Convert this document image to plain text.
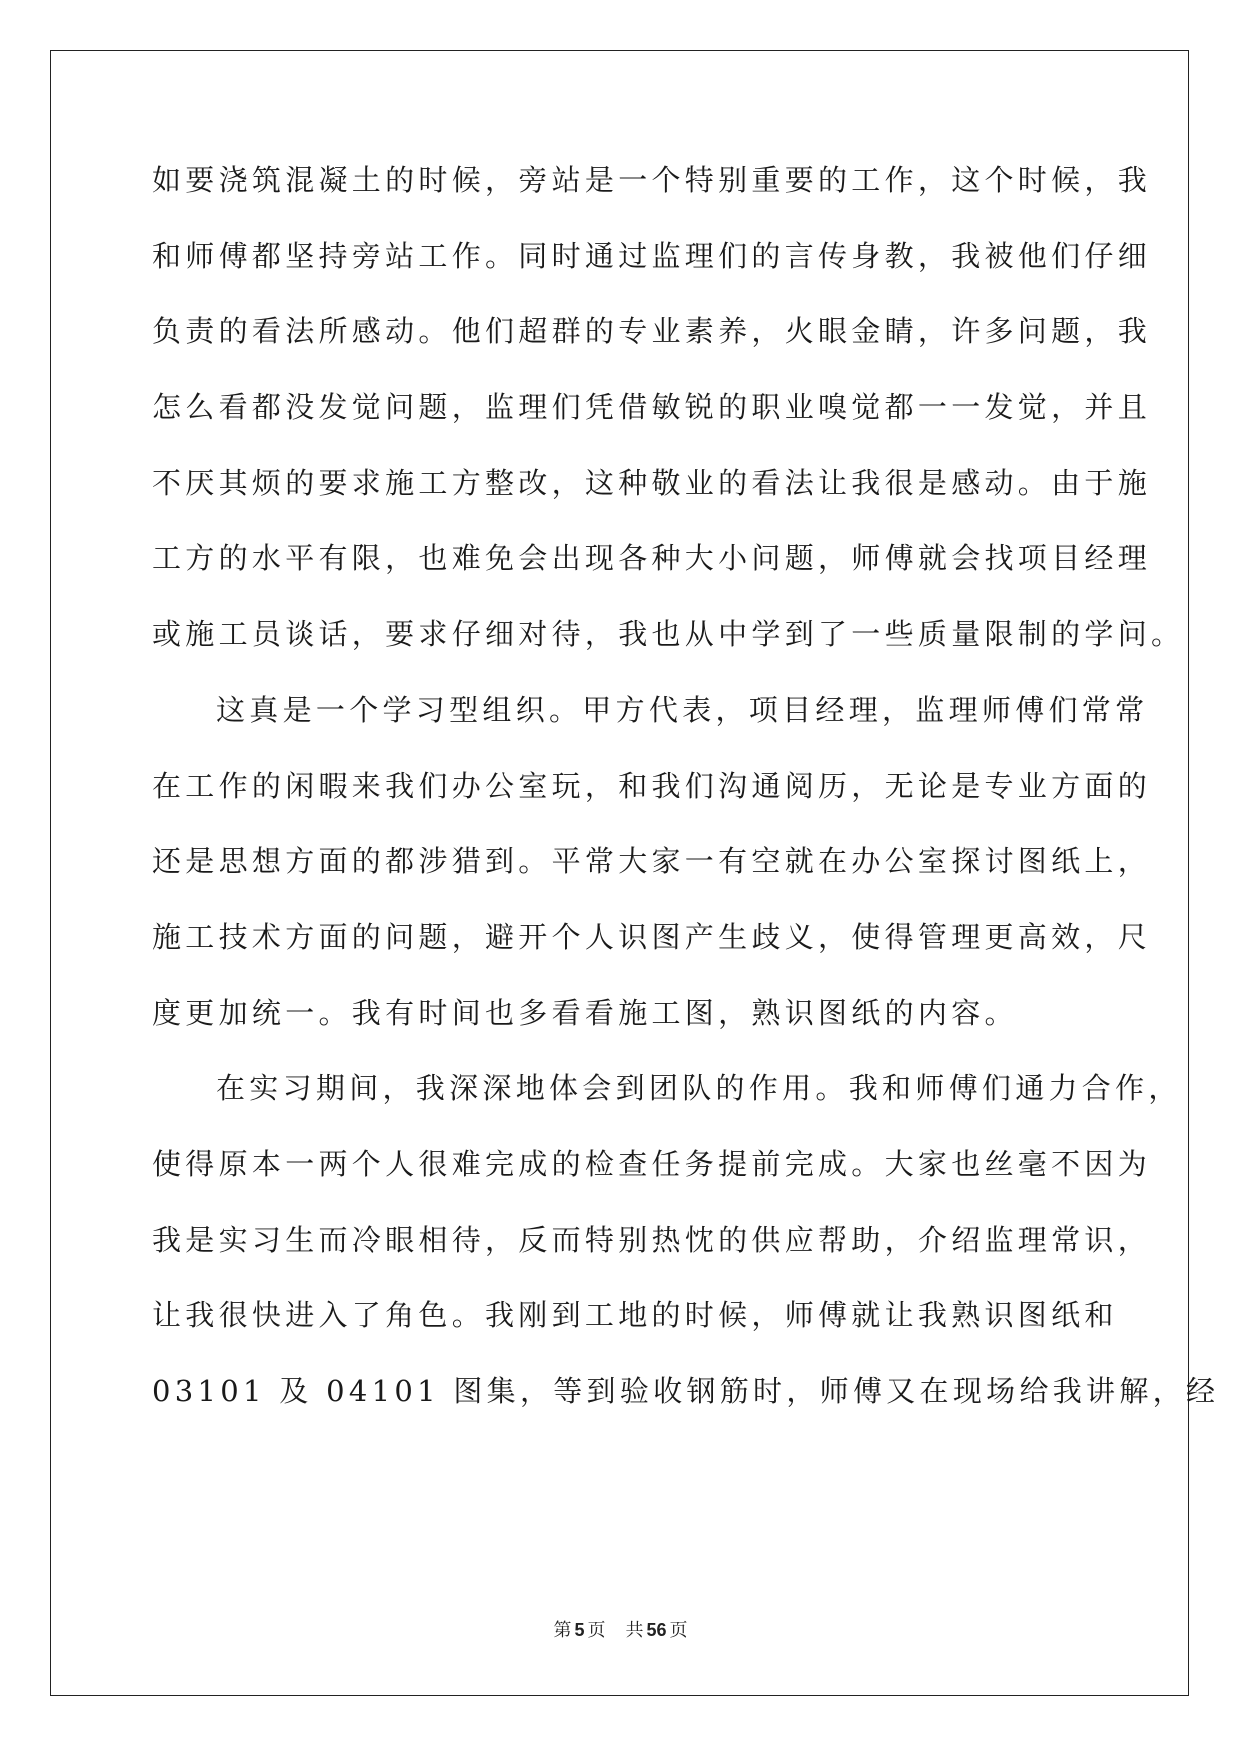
如要浇筑混凝土的时候，旁站是一个特别重要的工作，这个时候，我
和师傅都坚持旁站工作。同时通过监理们的言传身教，我被他们仔细
负责的看法所感动。他们超群的专业素养，火眼金睛，许多问题，我
怎么看都没发觉问题，监理们凭借敏锐的职业嗅觉都一一发觉，并且
不厌其烦的要求施工方整改，这种敬业的看法让我很是感动。由于施
工方的水平有限，也难免会出现各种大小问题，师傅就会找项目经理
或施工员谈话，要求仔细对待，我也从中学到了一些质量限制的学问。
这真是一个学习型组织。甲方代表，项目经理，监理师傅们常常
在工作的闲暇来我们办公室玩，和我们沟通阅历，无论是专业方面的
还是思想方面的都涉猎到。平常大家一有空就在办公室探讨图纸上，
施工技术方面的问题，避开个人识图产生歧义，使得管理更高效，尺
度更加统一。我有时间也多看看施工图，熟识图纸的内容。
在实习期间，我深深地体会到团队的作用。我和师傅们通力合作，
使得原本一两个人很难完成的检查任务提前完成。大家也丝毫不因为
我是实习生而冷眼相待，反而特别热忱的供应帮助，介绍监理常识，
让我很快进入了角色。我刚到工地的时候，师傅就让我熟识图纸和
03101 及 04101 图集，等到验收钢筋时，师傅又在现场给我讲解，经
第 5 页 共 56 页
